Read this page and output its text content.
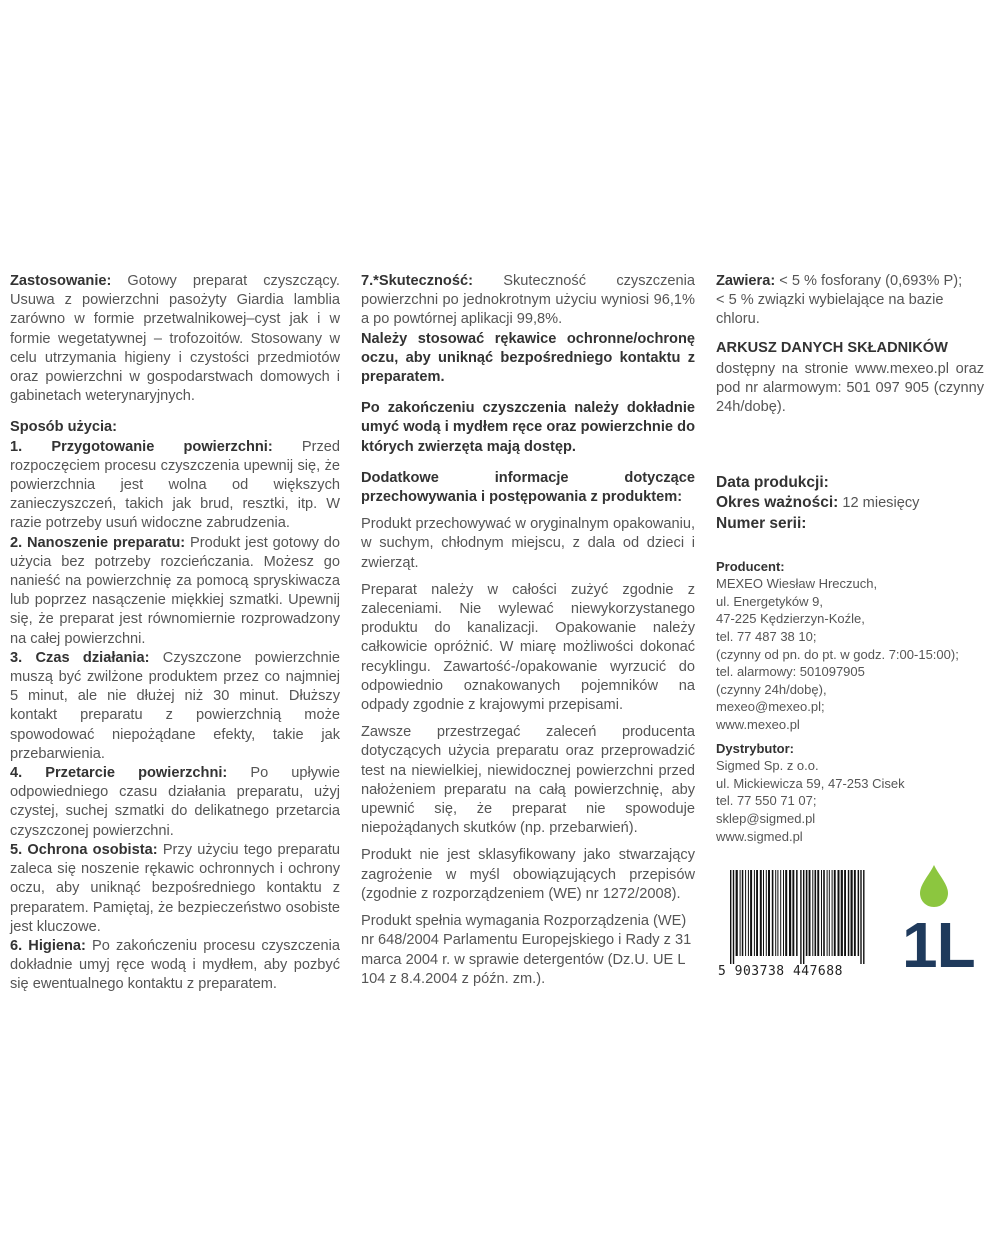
Zastosowanie: Gotowy preparat czyszczący. Usuwa z powierzchni pasożyty Giardia lamblia zarówno w formie przetwalnikowej–cyst jak i w formie wegetatywnej – trofozoitów. Stosowany w celu utrzymania higieny i czystości przedmiotów oraz powierzchni w gospodarstwach domowych i gabinetach weterynaryjnych.

Sposób użycia:

1. Przygotowanie powierzchni: Przed rozpoczęciem procesu czyszczenia upewnij się, że powierzchnia jest wolna od większych zanieczyszczeń, takich jak brud, resztki, itp. W razie potrzeby usuń widoczne zabrudzenia.

2. Nanoszenie preparatu: Produkt jest gotowy do użycia bez potrzeby rozcieńczania. Możesz go nanieść na powierzchnię za pomocą spryskiwacza lub poprzez nasączenie miękkiej szmatki. Upewnij się, że preparat jest równomiernie rozprowadzony na całej powierzchni.

3. Czas działania: Czyszczone powierzchnie muszą być zwilżone produktem przez co najmniej 5 minut, ale nie dłużej niż 30 minut. Dłuższy kontakt preparatu z powierzchnią może spowodować niepożądane efekty, takie jak przebarwienia.

4. Przetarcie powierzchni: Po upływie odpowiedniego czasu działania preparatu, użyj czystej, suchej szmatki do delikatnego przetarcia czyszczonej powierzchni.

5. Ochrona osobista: Przy użyciu tego preparatu zaleca się noszenie rękawic ochronnych i ochrony oczu, aby uniknąć bezpośredniego kontaktu z preparatem. Pamiętaj, że bezpieczeństwo osobiste jest kluczowe.

6. Higiena: Po zakończeniu procesu czyszczenia dokładnie umyj ręce wodą i mydłem, aby pozbyć się ewentualnego kontaktu z preparatem.

7.*Skuteczność: Skuteczność czyszczenia powierzchni po jednokrotnym użyciu wyniosi 96,1% a po powtórnej aplikacji 99,8%.

Należy stosować rękawice ochronne/ochronę oczu, aby uniknąć bezpośredniego kontaktu z preparatem.

Po zakończeniu czyszczenia należy dokładnie umyć wodą i mydłem ręce oraz powierzchnie do których zwierzęta mają dostęp.

Dodatkowe informacje dotyczące przechowywania i postępowania z produktem:

Produkt przechowywać w oryginalnym opakowaniu, w suchym, chłodnym miejscu, z dala od dzieci i zwierząt.

Preparat należy w całości zużyć zgodnie z zaleceniami. Nie wylewać niewykorzystanego produktu do kanalizacji. Opakowanie należy całkowicie opróżnić. W miarę możliwości dokonać recyklingu. Zawartość-/opakowanie wyrzucić do odpowiednio oznakowanych pojemników na odpady zgodnie z krajowymi przepisami.

Zawsze przestrzegać zaleceń producenta dotyczących użycia preparatu oraz przeprowadzić test na niewielkiej, niewidocznej powierzchni przed nałożeniem preparatu na całą powierzchnię, aby upewnić się, że preparat nie spowoduje niepożądanych skutków (np. przebarwień).

Produkt nie jest sklasyfikowany jako stwarzający zagrożenie w myśl obowiązujących przepisów (zgodnie z rozporządzeniem (WE) nr 1272/2008).

Produkt spełnia wymagania Rozporządzenia (WE) nr 648/2004 Parlamentu Europejskiego i Rady z 31 marca 2004 r. w sprawie detergentów (Dz.U. UE L 104 z 8.4.2004 z późn. zm.).

Zawiera: < 5 % fosforany (0,693% P);

< 5 % związki wybielające na bazie chloru.

ARKUSZ DANYCH SKŁADNIKÓW

dostępny na stronie www.mexeo.pl oraz pod nr alarmowym: 501 097 905 (czynny 24h/dobę).

Data produkcji:
Okres ważności: 12 miesięcy
Numer serii:
Producent:
MEXEO Wiesław Hreczuch,
ul. Energetyków 9,
47-225 Kędzierzyn-Koźle,
tel. 77 487 38 10;
(czynny od pn. do pt. w godz. 7:00-15:00);
tel. alarmowy: 501097905
(czynny 24h/dobę),
mexeo@mexeo.pl;
www.mexeo.pl
Dystrybutor:
Sigmed Sp. z o.o.
ul. Mickiewicza 59, 47-253 Cisek
tel. 77 550 71 07;
sklep@sigmed.pl
www.sigmed.pl
5 903738 447688 1L
